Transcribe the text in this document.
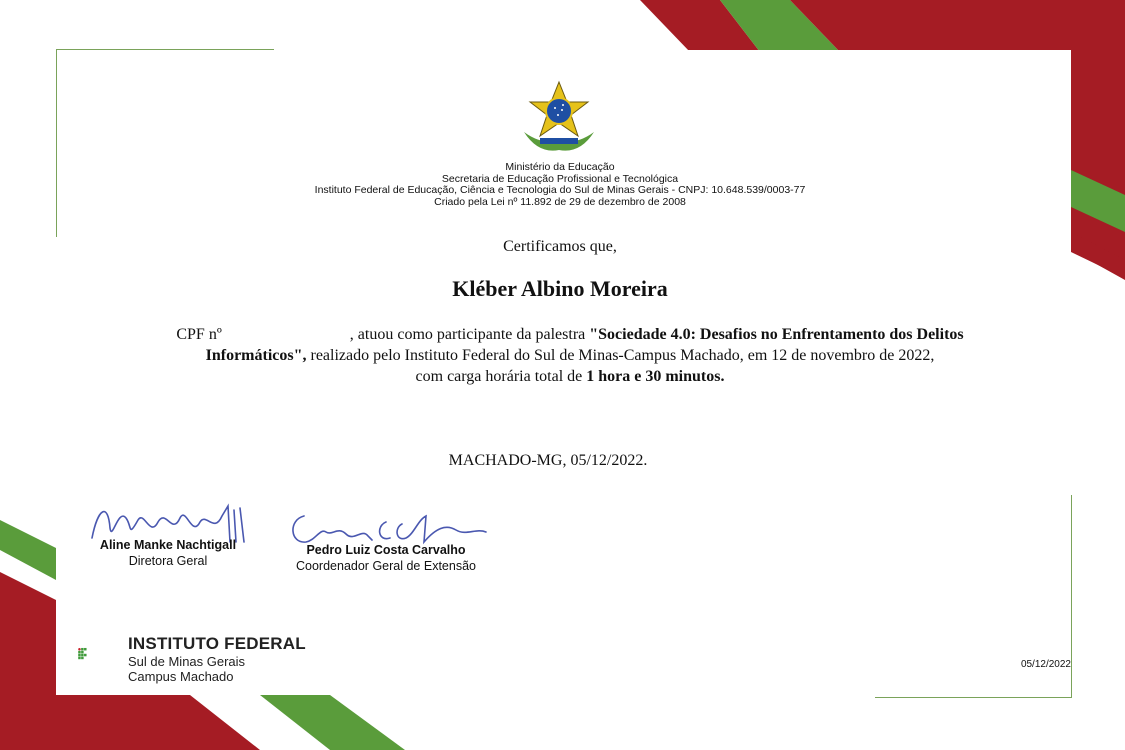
Ministério da Educação
Secretaria de Educação Profissional e Tecnológica
Instituto Federal de Educação, Ciência e Tecnologia do Sul de Minas Gerais - CNPJ: 10.648.539/0003-77
Criado pela Lei nº 11.892 de 29 de dezembro de 2008
Certificamos que,
Kléber Albino Moreira
CPF nº	, atuou como participante da palestra "Sociedade 4.0: Desafios no Enfrentamento dos Delitos
Informáticos", realizado pelo Instituto Federal do Sul de Minas-Campus Machado, em 12 de novembro de 2022,
com carga horária total de 1 hora e 30 minutos.
MACHADO-MG, 05/12/2022.
Aline Manke Nachtigall
Diretora Geral
Pedro Luiz Costa Carvalho
Coordenador Geral de Extensão
INSTITUTO FEDERAL
Sul de Minas Gerais
Campus Machado
05/12/2022
